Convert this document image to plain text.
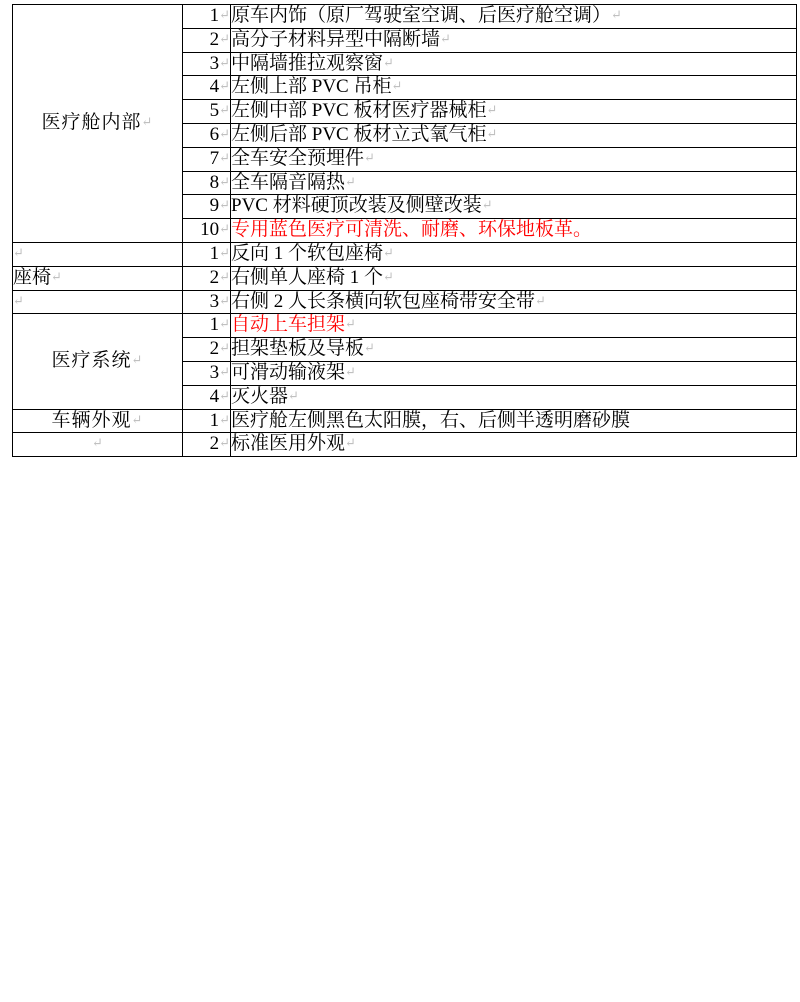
医疗舱内部↵	1↵	原车内饰（原厂驾驶室空调、后医疗舱空调）↵
	2↵	高分子材料异型中隔断墙↵
	3↵	中隔墙推拉观察窗↵
	4↵	左侧上部 PVC 吊柜↵
	5↵	左侧中部 PVC 板材医疗器械柜↵
	6↵	左侧后部 PVC 板材立式氧气柜↵
	7↵	全车安全预埋件↵
	8↵	全车隔音隔热↵
	9↵	PVC 材料硬顶改装及侧壁改装↵
	10↵	专用蓝色医疗可清洗、耐磨、环保地板革。
↵	1↵	反向 1 个软包座椅↵
座椅↵	2↵	右侧单人座椅 1 个↵
↵	3↵	右侧 2 人长条横向软包座椅带安全带↵
医疗系统↵	1↵	自动上车担架↵
	2↵	担架垫板及导板↵
	3↵	可滑动输液架↵
	4↵	灭火器↵
车辆外观↵	1↵	医疗舱左侧黑色太阳膜，右、后侧半透明磨砂膜
↵	2↵	标准医用外观↵
